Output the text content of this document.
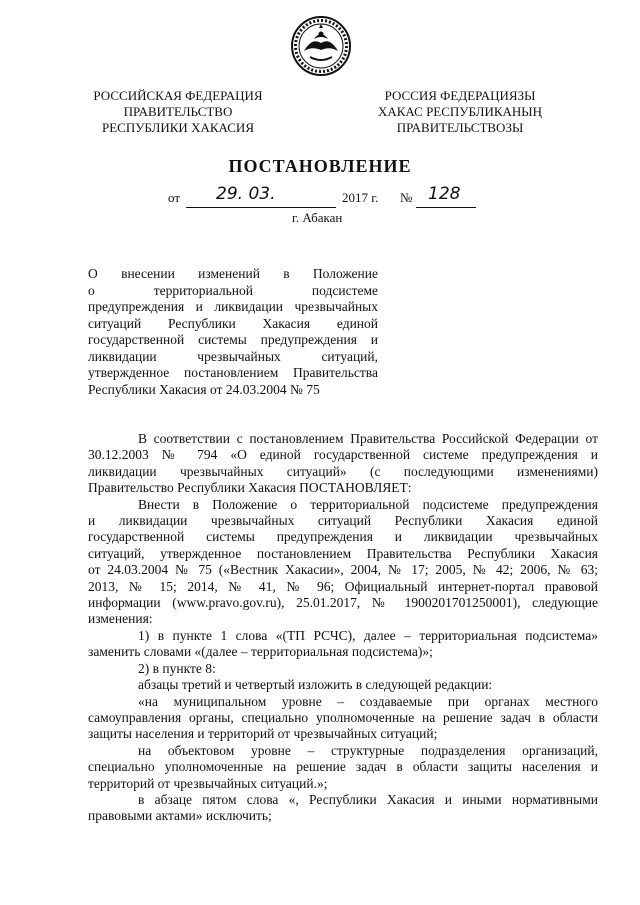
РОССИЙСКАЯ ФЕДЕРАЦИЯ
ПРАВИТЕЛЬСТВО
РЕСПУБЛИКИ ХАКАСИЯ
РОССИЯ ФЕДЕРАЦИЯЗЫ
ХАКАС РЕСПУБЛИКАНЫҢ
ПРАВИТЕЛЬСТВОЗЫ
ПОСТАНОВЛЕНИЕ
от 29. 03.	2017 г. № 128
г. Абакан
О внесении изменений в Положение
о территориальной подсистеме
предупреждения и ликвидации чрезвычайных
ситуаций Республики Хакасия единой
государственной системы предупреждения и
ликвидации чрезвычайных ситуаций,
утвержденное постановлением Правительства
Республики Хакасия от 24.03.2004 № 75
В соответствии с постановлением Правительства Российской Федерации от
30.12.2003 № 794 «О единой государственной системе предупреждения и
ликвидации чрезвычайных ситуаций» (с последующими изменениями)
Правительство Республики Хакасия ПОСТАНОВЛЯЕТ:
Внести в Положение о территориальной подсистеме предупреждения
и ликвидации чрезвычайных ситуаций Республики Хакасия единой
государственной системы предупреждения и ликвидации чрезвычайных
ситуаций, утвержденное постановлением Правительства Республики Хакасия
от 24.03.2004 № 75 («Вестник Хакасии», 2004, № 17; 2005, № 42; 2006, № 63;
2013, № 15; 2014, № 41, № 96; Официальный интернет-портал правовой
информации (www.pravo.gov.ru), 25.01.2017, № 1900201701250001), следующие
изменения:
1) в пункте 1 слова «(ТП РСЧС), далее – территориальная подсистема»
заменить словами «(далее – территориальная подсистема)»;
2) в пункте 8:
абзацы третий и четвертый изложить в следующей редакции:
«на муниципальном уровне – создаваемые при органах местного
самоуправления органы, специально уполномоченные на решение задач в области
защиты населения и территорий от чрезвычайных ситуаций;
на объектовом уровне – структурные подразделения организаций,
специально уполномоченные на решение задач в области защиты населения и
территорий от чрезвычайных ситуаций.»;
в абзаце пятом слова «, Республики Хакасия и иными нормативными
правовыми актами» исключить;
